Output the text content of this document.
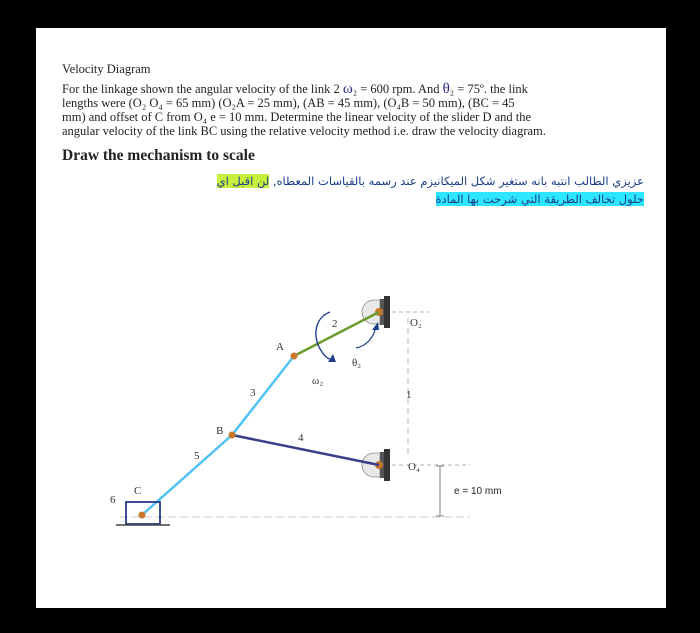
Velocity Diagram
For the linkage shown the angular velocity of the link 2 ω₂ = 600 rpm. And θ₂ = 75º. the link
lengths were (O₂ O₄ = 65 mm) (O₂A = 25 mm), (AB = 45 mm), (O₄B = 50 mm), (BC = 45
mm) and offset of C from O₄ e = 10 mm. Determine the linear velocity of the slider D and the
angular velocity of the link BC using the relative velocity method i.e. draw the velocity diagram.
Draw the mechanism to scale
عزيزي الطالب انتبه بانه ستغير شكل الميكانيزم عند رسمه بالقياسات المعطاه, لن اقبل اي
حلول تخالف الطريقة التي شرحت بها المادة
O₂
O₄
A
B
C
ω₂
θ₂
2
3
4
5
6
1
e = 10 mm
